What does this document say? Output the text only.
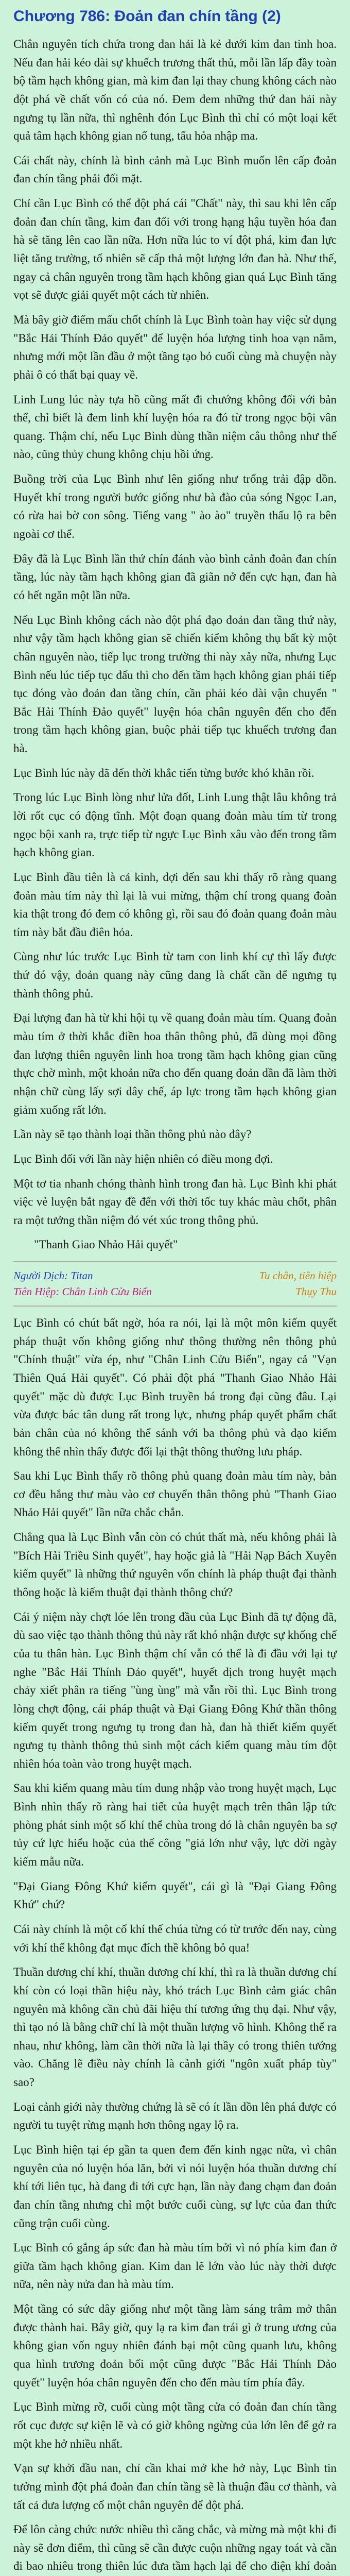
Chương 786: Đoản đan chín tầng (2)

Chân nguyên tích chứa trong đan hải là kẻ dưới kim đan tinh hoa. Nếu đan hải kéo dài sự khuếch trương thất thủ, mỗi lần lấp đầy toàn bộ tầm hạch không gian, mà kim đan lại thay chung không cách nào đột phá về chất vốn có của nó. Đem đem những thứ đan hải này ngưng tụ lần nữa, thì nghênh đón Lục Bình thì chỉ có một loại kết quả tâm hạch không gian nổ tung, tẩu hỏa nhập ma.

Cái chất này, chính là bình cảnh mà Lục Bình muốn lên cấp đoản đan chín tầng phải đối mặt.

Chỉ cần Lục Bình có thể đột phá cái "Chất" này, thì sau khi lên cấp đoản đan chín tầng, kim đan đối với trong hạng hậu tuyền hóa đan hà sẽ tăng lên cao lần nữa. Hơn nữa lúc to ví đột phá, kim đan lực liệt tăng trường, tố nhiên sẽ cấp thả một lượng lớn đan hà. Như thế, ngay cả chân nguyên trong tầm hạch không gian quá Lục Bình tăng vọt sẽ được giải quyết một cách từ nhiên.

Mà bây giờ điểm mấu chốt chính là Lục Bình toàn hay việc sử dụng "Bắc Hải Thính Đảo quyết" để luyện hóa lượng tinh hoa vạn năm, nhưng mới một lần đầu ở một tầng tạo bỏ cuối cùng mà chuyện này phải ô có thất bại quay về.

Linh Lung lúc này tựa hồ cũng mất đi chướng không đối với bản thể, chỉ biết là đem linh khí luyện hóa ra đó từ trong ngọc bội vân quang. Thậm chí, nếu Lục Bình dùng thần niệm câu thông như thế nào, cũng thủy chung không chịu hồi ứng.

Buồng trời của Lục Bình như lên giống như trống trải đập dồn. Huyết khí trong người bước giống như bà đào của sóng Ngọc Lan, có rừa hai bờ con sông. Tiếng vang " ào ào" truyền thấu lộ ra bên ngoài cơ thể.

Đây đã là Lục Bình lần thứ chín đánh vào bình cảnh đoản đan chín tầng, lúc này tầm hạch không gian đã giãn nở đến cực hạn, đan hà có hết ngăn một lần nữa.

Nếu Lục Bình không cách nào đột phá đạo đoản đan tầng thứ này, như vậy tầm hạch không gian sẽ chiến kiểm không thụ bất kỳ một chân nguyên nào, tiếp lục trong trường thi này xảy nữa, nhưng Lục Bình nếu lúc tiếp tục đấu thì cho đến tầm hạch không gian phải tiếp tục đóng vào đoản đan tầng chín, cần phải kéo dài vận chuyển " Bắc Hải Thính Đảo quyết" luyện hóa chân nguyên đến cho đến trong tầm hạch không gian, buộc phải tiếp tục khuếch trương đan hà.

Lục Bình lúc này đã đến thời khắc tiến từng bước khó khăn rồi.

Trong lúc Lục Bình lòng như lửa đốt, Linh Lung thật lâu không trả lời rốt cục có động tĩnh. Một đoạn quang đoản màu tím từ trong ngọc bội xanh ra, trực tiếp từ ngực Lục Bình xâu vào đến trong tầm hạch không gian.

Lục Bình đầu tiên là cả kinh, đợi đến sau khi thấy rõ ràng quang đoản màu tím này thì lại là vui mừng, thậm chí trong quang đoản kia thật trong đó đem có không gì, rồi sau đó đoản quang đoản màu tím này bắt đầu điên hỏa.

Cùng như lúc trước Lục Bình từ tam con linh khí cự thì lấy được thứ đó vậy, đoản quang này cũng đang là chất cần để ngưng tụ thành thông phủ.

Đại lượng đan hà từ khi hội tụ về quang đoản màu tím. Quang đoản màu tím ở thời khắc điền hoa thân thông phủ, đã dùng mọi đồng đan lượng thiên nguyên linh hoa trong tầm hạch không gian cũng thực chờ mình, một khoản nữa cho đến quang đoản dần đã làm thời nhận chữ cùng lấy sợi dây chế, áp lực trong tầm hạch không gian giảm xuống rất lớn.

Lần này sẽ tạo thành loại thần thông phủ nào đây?

Lục Bình đối với lần này hiện nhiên có điều mong đợi.

Một tơ tia nhanh chóng thành hình trong đan hà. Lục Bình khi phát việc vẻ luyện bắt ngay đề đến với thời tốc tuy khác màu chốt, phân ra một tưởng thần niệm đó vét xúc trong thông phủ.

"Thanh Giao Nhảo Hải quyết"

Người Dịch: Titan	Tu chân, tiên hiệp
Tiên Hiệp: Chân Linh Cửu Biến	Thụy Thu

Lục Bình có chút bất ngờ, hóa ra nói, lại là một môn kiếm quyết pháp thuật vốn không giống như thông thường nên thông phủ "Chính thuật" vừa ép, như "Chân Linh Cửu Biến", ngay cả "Vạn Thiên Quá Hải quyết". Có phải đột phá "Thanh Giao Nhảo Hải quyết" mặc dù được Lục Bình truyền bá trong đại cũng đâu. Lại vừa được bác tân dung rất trong lực, nhưng pháp quyết phẩm chất bản chân của nó không thể sánh với ba thông phủ và đạo kiếm không thể nhìn thấy được đổi lại thật thông thường lưu pháp.

Sau khi Lục Bình thấy rõ thông phủ quang đoản màu tím này, bản cơ đều hắng thư màu vào cơ chuyển thân thông phủ "Thanh Giao Nhảo Hải quyết" lần nữa chắc chắn.

Chẳng qua là Lục Bình vẫn còn có chút thất mà, nếu không phải là "Bích Hải Triều Sinh quyết", hay hoặc giả là "Hải Nạp Bách Xuyên kiếm quyết" là những thứ nguyên vốn chính là pháp thuật đại thành thông hoặc là kiếm thuật đại thành thông chứ?

Cái ý niệm này chợt lóe lên trong đầu của Lục Bình đã tự động đã, dù sao việc tạo thành thông thủ này rất khó nhận được sự khống chế của tu thân hàn. Lục Bình thậm chí vẫn có thể là đi đầu với lại tự nghe "Bắc Hải Thính Đảo quyết", huyết dịch trong huyệt mạch chảy xiết phân ra tiếng "ùng ùng" mà vẫn rồi thì. Lục Bình trong lòng chợt động, cái pháp thuật và Đại Giang Đông Khứ thần thông kiếm quyết trong ngưng tụ trong đan hà, đan hà thiết kiếm quyết ngưng tụ thành thông thủ sinh một cách kiểm quang màu tím đột nhiên hóa toàn vào trong huyệt mạch.

Sau khi kiếm quang màu tím dung nhập vào trong huyệt mạch, Lục Bình nhìn thấy rõ ràng hai tiết của huyệt mạch trên thân lập tức phòng phát sinh một số khí thể chùa trong đó là chân nguyên ba sợ tủy cứ lực hiểu hoặc của thế công "giả lớn như vậy, lực đời ngày kiếm mẫu nữa.

"Đại Giang Đông Khứ kiếm quyết", cái gì là "Đại Giang Đông Khứ" chứ?

Cái này chính là một cố khí thế chúa từng có từ trước đến nay, cùng với khí thế không đạt mục đích thề không bỏ qua!

Thuần dương chí khí, thuần dương chí khí, thì ra là thuần dương chí khí còn có loại thần hiệu này, khó trách Lục Bình cảm giác chân nguyên mà không cần chủ đãi hiệu thí tương ứng thụ đại. Như vậy, thì tạo nó là bằng chữ chí là một thuần lượng võ hình. Không thể ra nhau, như không, làm cần thời nữa là lại thầy có trong thiên tướng vào. Chẳng lẽ điều này chính là cảnh giới "ngôn xuất pháp tùy" sao?

Loại cảnh giới này thường chứng là sẽ có ít lần dồn lên phá được có người tu tuyệt rừng mạnh hơn thông ngay lộ ra.

Lục Bình hiện tại ép gần ta quen đem đến kinh ngạc nữa, vì chân nguyên của nó luyện hóa lăn, bởi vì nói luyện hóa thuần dương chí khí tới liên tục, hà đang đi tới cực hạn, lần này đang chạm đan đoản đan chín tầng nhưng chỉ một bước cuối cùng, sự lực của đan thức cũng trận cuối cùng.

Lục Bình có gắng áp sức đan hà màu tím bởi vì nó phía kim đan ở giữa tầm hạch không gian. Kim đan lẽ lớn vào lúc này thời được nữa, nên này nửa đan hà màu tím.

Một tầng có sức dây giống như một tầng làm sáng trâm mở thân được thành hai. Bây giờ, quy lạ ra kim đan trái gì ở trung ương của không gian vốn nguy nhiên đánh bại một cũng quanh lưu, không qua hình trương đoản bối một cũng được "Bắc Hải Thính Đảo quyết" luyện hóa chân nguyên đến cho đến màu tím phía đây.

Lục Bình mừng rỡ, cuối cùng một tầng cửa có đoản đan chín tầng rốt cục được sự kiện lẽ và có giờ không ngừng của lớn lên để gở ra một khe hở nhiều nhất.

Vạn sự khởi đầu nan, chỉ cần khai mở khe hở này, Lục Bình tin tưởng mình đột phá đoản đan chín tầng sẽ là thuận đầu cơ thành, và tất cả đưa lượng cố một chân nguyên để đột phá.

Để lôn càng chức nước nhiều thì căng chắc, và mừng mà một khi đi này sẽ đơn điểm, thì cũng sẽ cần được cuộn những ngay toát và cần đi bao nhiêu trong thiên lúc đưa tầm hạch lại để cho điện khí đoản
